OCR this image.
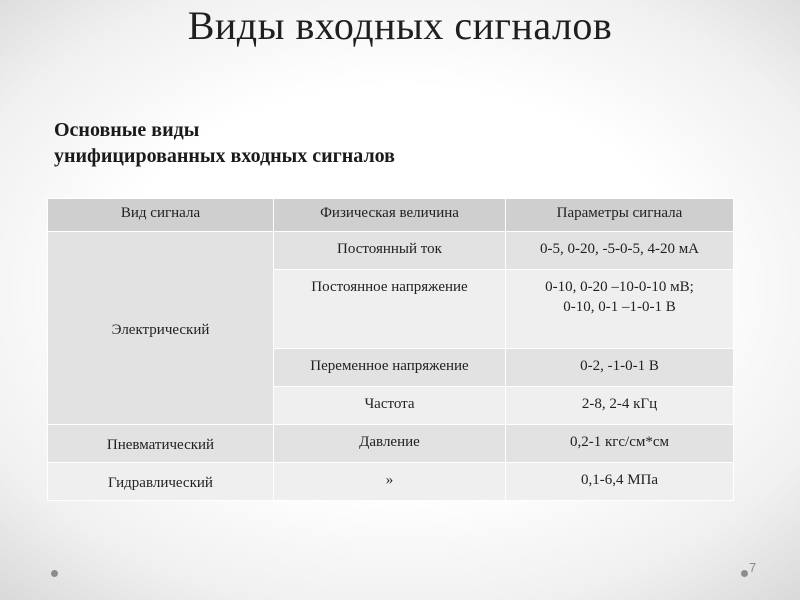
Виды входных сигналов
Основные виды
унифицированных входных сигналов
Вид сигнала	Физическая величина	Параметры сигнала
Электрический	Постоянный ток	0-5, 0-20, -5-0-5, 4-20 мА
	Постоянное напряжение	0-10, 0-20 –10-0-10 мВ;
0-10, 0-1 –1-0-1 В

	Переменное напряжение	0-2, -1-0-1 В
	Частота	2-8, 2-4 кГц
Пневматический	Давление	0,2-1 кгс/см*см
Гидравлический	»	0,1-6,4 МПа
7
